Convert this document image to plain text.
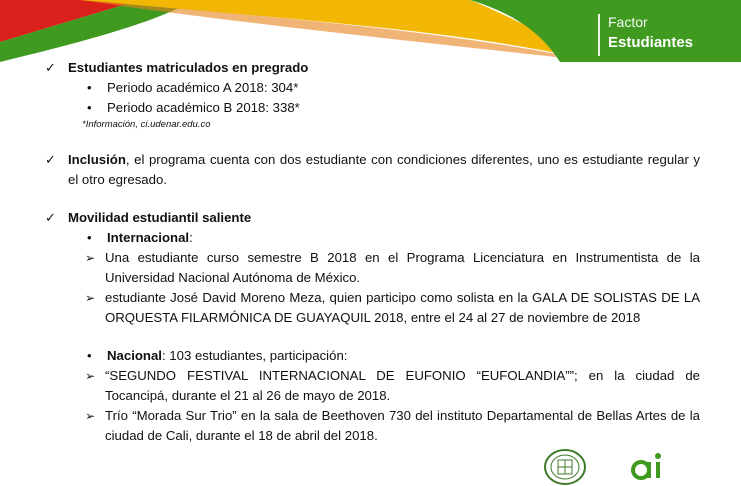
Factor
Estudiantes
✓ Estudiantes matriculados en pregrado
• Periodo académico A 2018: 304*
• Periodo académico B 2018: 338*
*Información, ci.udenar.edu.co
✓ Inclusión, el programa cuenta con dos estudiante con condiciones diferentes, uno es estudiante regular y el otro egresado.
✓ Movilidad estudiantil saliente
• Internacional:
➢ Una estudiante curso semestre B 2018 en el Programa Licenciatura en Instrumentista de la Universidad Nacional Autónoma de México.
➢ estudiante José David Moreno Meza, quien participo como solista en la GALA DE SOLISTAS DE LA ORQUESTA FILARMÓNICA DE GUAYAQUIL 2018, entre el 24 al 27 de noviembre de 2018
• Nacional: 103 estudiantes, participación:
➢ “SEGUNDO FESTIVAL INTERNACIONAL DE EUFONIO “EUFOLANDIA””; en la ciudad de Tocancipá, durante el 21 al 26 de mayo de 2018.
➢ Trío “Morada Sur Trio” en la sala de Beethoven 730 del instituto Departamental de Bellas Artes de la ciudad de Cali, durante el 18 de abril del 2018.
